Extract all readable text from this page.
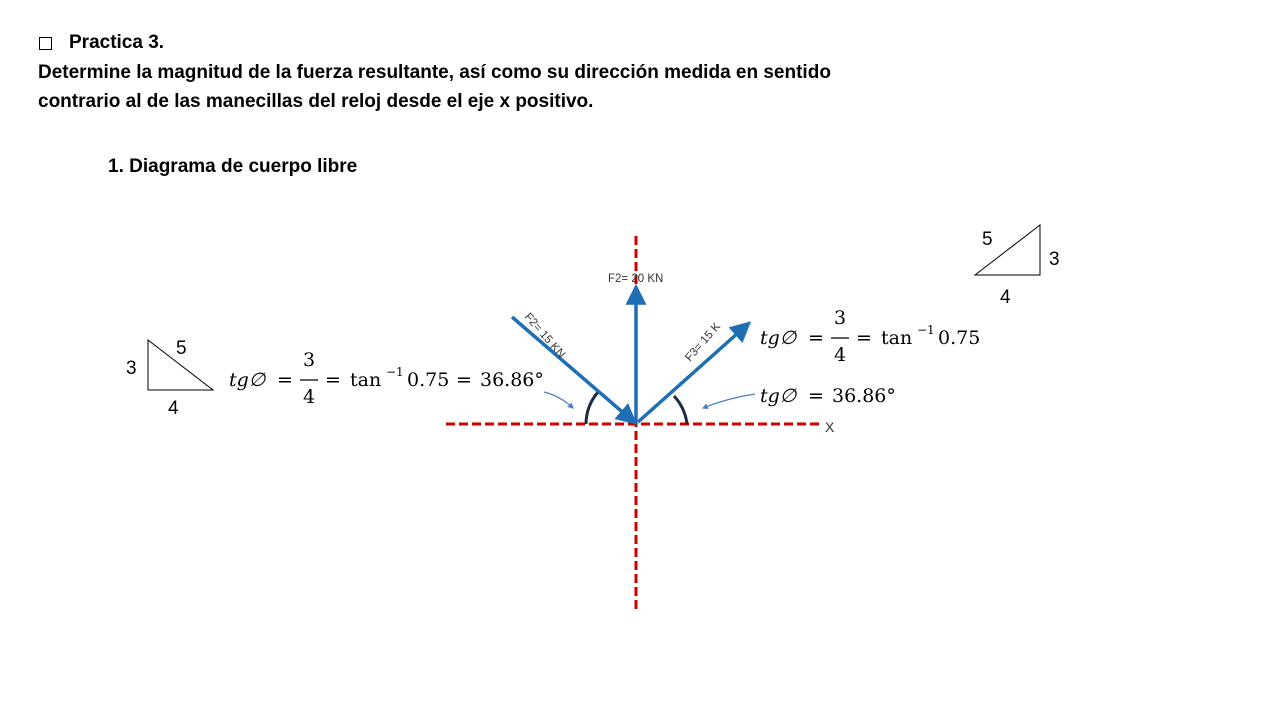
Practica 3.
Determine la magnitud de la fuerza resultante, así como su dirección medida en sentido
contrario al de las manecillas del reloj desde el eje x positivo.
1. Diagrama de cuerpo libre
X
F2= 20 KN
F2= 15 KN	F3= 15 K
5
3
4
5
3
4
tg∅ =
3
4
= tan −1 0.75 = 36.86°
tg∅ =
3
4
= tan −1 0.75
tg∅ = 36.86°
